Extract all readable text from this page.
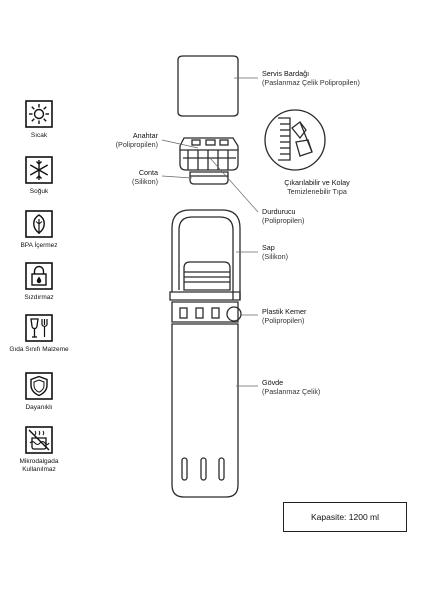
Sıcak
Soğuk
BPA İçermez
Sızdırmaz
Gıda Sınıfı Malzeme
Dayanıklı
Mikrodalgada Kullanılmaz
Servis Bardağı
(Paslanmaz Çelik Polipropilen)
Anahtar
(Polipropilen)
Conta
(Silikon)	Çıkarılabilir ve Kolay
Temizlenebilir Tıpa
Durdurucu
(Polipropilen)
Sap
(Silikon)
Plastik Kemer
(Polipropilen)
Gövde
(Paslanmaz Çelik)
Kapasite: 1200 ml
